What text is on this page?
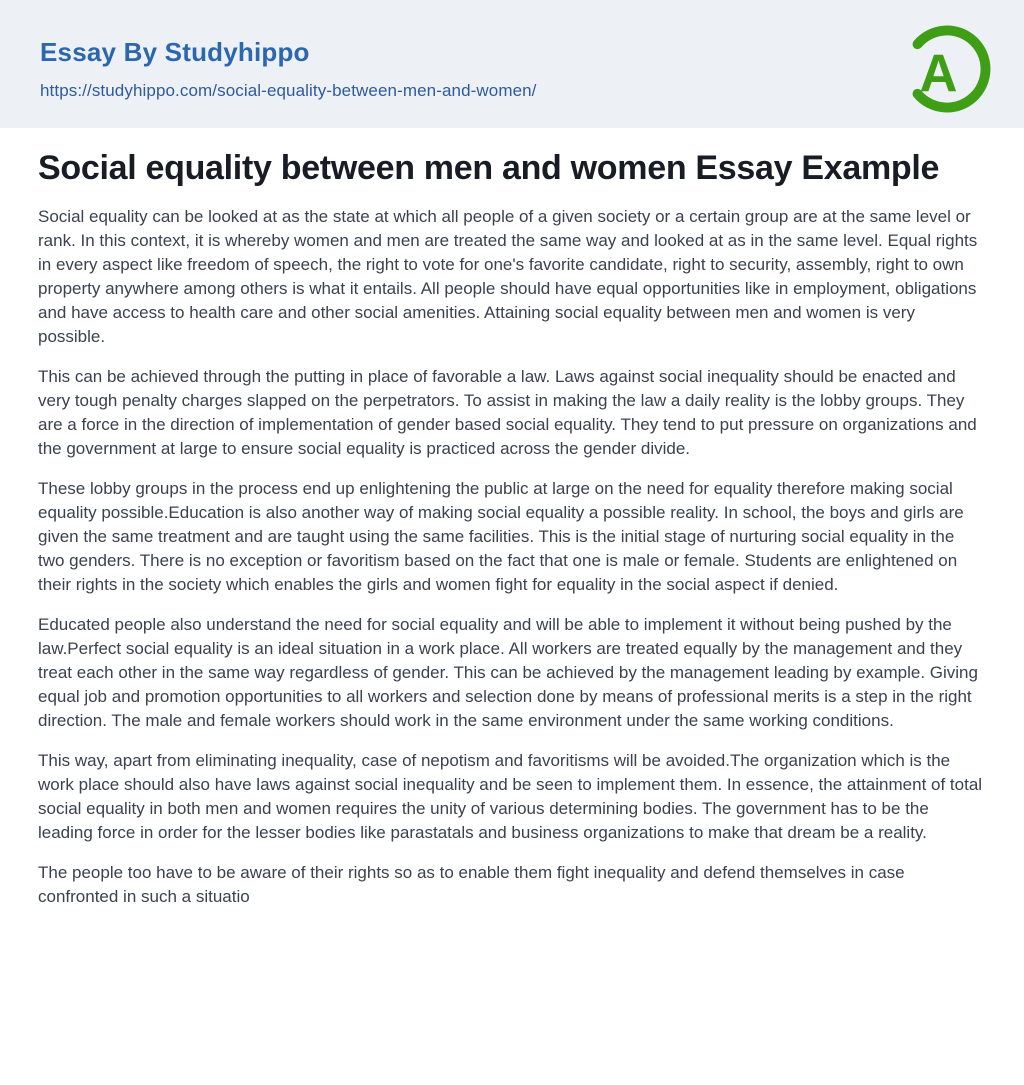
Essay By Studyhippo
https://studyhippo.com/social-equality-between-men-and-women/	A
Social equality between men and women Essay Example

Social equality can be looked at as the state at which all people of a given society or a certain group are at the same level or rank. In this context, it is whereby women and men are treated the same way and looked at as in the same level. Equal rights in every aspect like freedom of speech, the right to vote for one's favorite candidate, right to security, assembly, right to own property anywhere among others is what it entails. All people should have equal opportunities like in employment, obligations and have access to health care and other social amenities. Attaining social equality between men and women is very possible.

This can be achieved through the putting in place of favorable a law. Laws against social inequality should be enacted and very tough penalty charges slapped on the perpetrators. To assist in making the law a daily reality is the lobby groups. They are a force in the direction of implementation of gender based social equality. They tend to put pressure on organizations and the government at large to ensure social equality is practiced across the gender divide.

These lobby groups in the process end up enlightening the public at large on the need for equality therefore making social equality possible.Education is also another way of making social equality a possible reality. In school, the boys and girls are given the same treatment and are taught using the same facilities. This is the initial stage of nurturing social equality in the two genders. There is no exception or favoritism based on the fact that one is male or female. Students are enlightened on their rights in the society which enables the girls and women fight for equality in the social aspect if denied.

Educated people also understand the need for social equality and will be able to implement it without being pushed by the law.Perfect social equality is an ideal situation in a work place. All workers are treated equally by the management and they treat each other in the same way regardless of gender. This can be achieved by the management leading by example. Giving equal job and promotion opportunities to all workers and selection done by means of professional merits is a step in the right direction. The male and female workers should work in the same environment under the same working conditions.

This way, apart from eliminating inequality, case of nepotism and favoritisms will be avoided.The organization which is the work place should also have laws against social inequality and be seen to implement them. In essence, the attainment of total social equality in both men and women requires the unity of various determining bodies. The government has to be the leading force in order for the lesser bodies like parastatals and business organizations to make that dream be a reality.

The people too have to be aware of their rights so as to enable them fight inequality and defend themselves in case confronted in such a situatio
